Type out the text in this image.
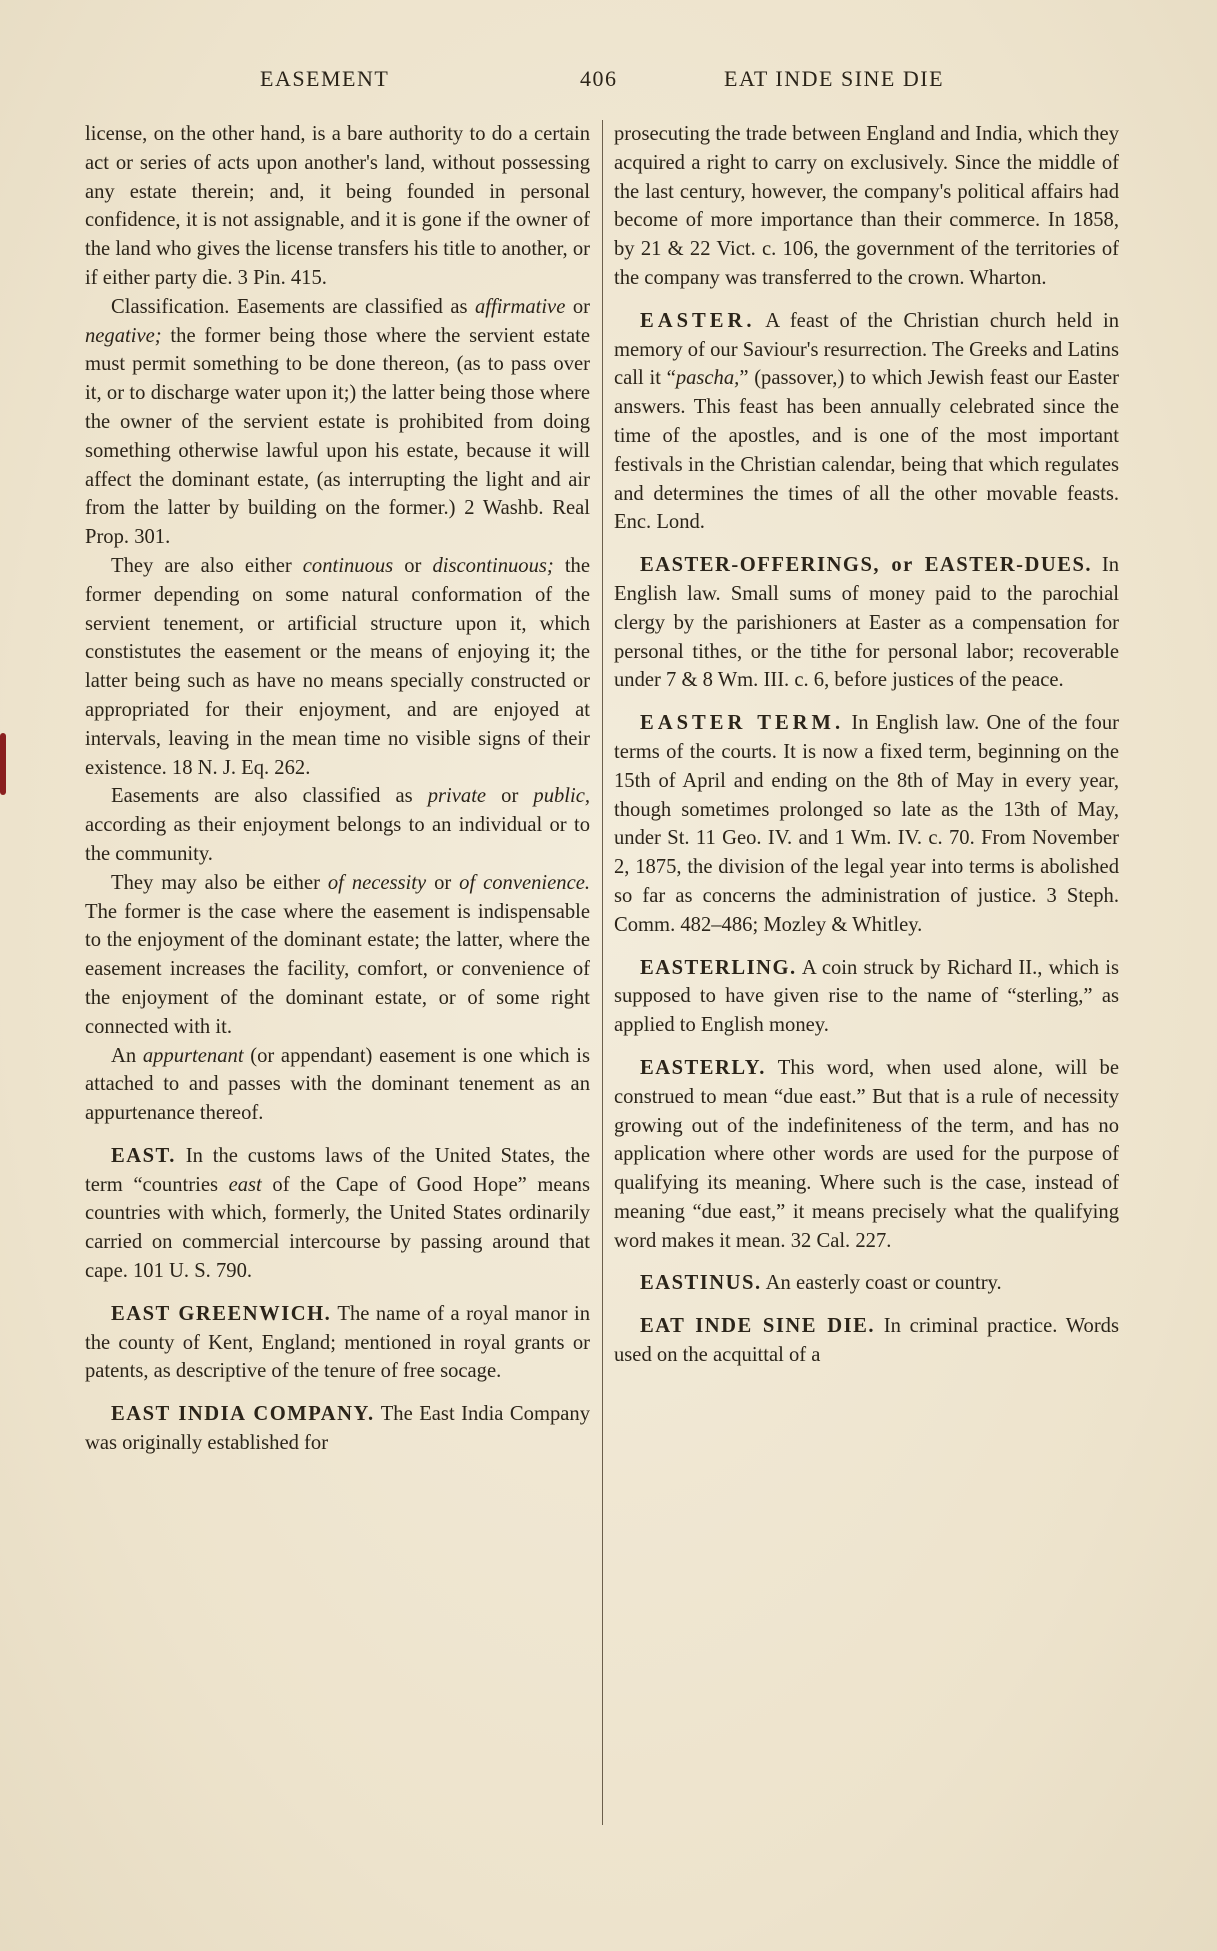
EASEMENT	406	EAT INDE SINE DIE

license, on the other hand, is a bare authority to do a certain act or series of acts upon another's land, without possessing any estate therein; and, it being founded in personal confidence, it is not assignable, and it is gone if the owner of the land who gives the license transfers his title to another, or if either party die. 3 Pin. 415.

Classification. Easements are classified as affirmative or negative; the former being those where the servient estate must permit something to be done thereon, (as to pass over it, or to discharge water upon it;) the latter being those where the owner of the servient estate is prohibited from doing something otherwise lawful upon his estate, because it will affect the dominant estate, (as interrupting the light and air from the latter by building on the former.) 2 Washb. Real Prop. 301.

They are also either continuous or discontinuous; the former depending on some natural conformation of the servient tenement, or artificial structure upon it, which constistutes the easement or the means of enjoying it; the latter being such as have no means specially constructed or appropriated for their enjoyment, and are enjoyed at intervals, leaving in the mean time no visible signs of their existence. 18 N. J. Eq. 262.

Easements are also classified as private or public, according as their enjoyment belongs to an individual or to the community.

They may also be either of necessity or of convenience. The former is the case where the easement is indispensable to the enjoyment of the dominant estate; the latter, where the easement increases the facility, comfort, or convenience of the enjoyment of the dominant estate, or of some right connected with it.

An appurtenant (or appendant) easement is one which is attached to and passes with the dominant tenement as an appurtenance thereof.

EAST. In the customs laws of the United States, the term “countries east of the Cape of Good Hope” means countries with which, formerly, the United States ordinarily carried on commercial intercourse by passing around that cape. 101 U. S. 790.

EAST GREENWICH. The name of a royal manor in the county of Kent, England; mentioned in royal grants or patents, as descriptive of the tenure of free socage.

EAST INDIA COMPANY. The East India Company was originally established for

prosecuting the trade between England and India, which they acquired a right to carry on exclusively. Since the middle of the last century, however, the company's political affairs had become of more importance than their commerce. In 1858, by 21 & 22 Vict. c. 106, the government of the territories of the company was transferred to the crown. Wharton.

EASTER. A feast of the Christian church held in memory of our Saviour's resurrection. The Greeks and Latins call it “pascha,” (passover,) to which Jewish feast our Easter answers. This feast has been annually celebrated since the time of the apostles, and is one of the most important festivals in the Christian calendar, being that which regulates and determines the times of all the other movable feasts. Enc. Lond.

EASTER-OFFERINGS, or EASTER-DUES. In English law. Small sums of money paid to the parochial clergy by the parishioners at Easter as a compensation for personal tithes, or the tithe for personal labor; recoverable under 7 & 8 Wm. III. c. 6, before justices of the peace.

EASTER TERM. In English law. One of the four terms of the courts. It is now a fixed term, beginning on the 15th of April and ending on the 8th of May in every year, though sometimes prolonged so late as the 13th of May, under St. 11 Geo. IV. and 1 Wm. IV. c. 70. From November 2, 1875, the division of the legal year into terms is abolished so far as concerns the administration of justice. 3 Steph. Comm. 482–486; Mozley & Whitley.

EASTERLING. A coin struck by Richard II., which is supposed to have given rise to the name of “sterling,” as applied to English money.

EASTERLY. This word, when used alone, will be construed to mean “due east.” But that is a rule of necessity growing out of the indefiniteness of the term, and has no application where other words are used for the purpose of qualifying its meaning. Where such is the case, instead of meaning “due east,” it means precisely what the qualifying word makes it mean. 32 Cal. 227.

EASTINUS. An easterly coast or country.

EAT INDE SINE DIE. In criminal practice. Words used on the acquittal of a
